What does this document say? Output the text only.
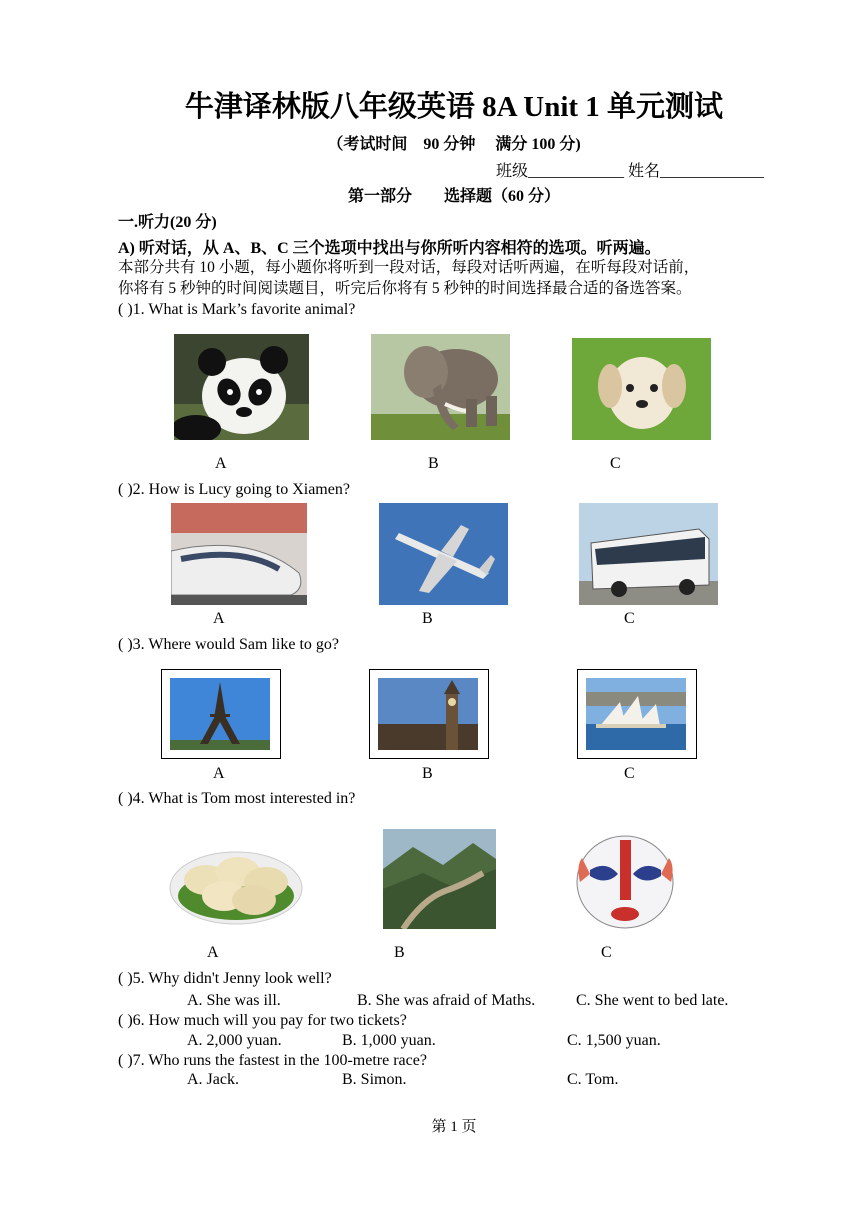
牛津译林版八年级英语 8A Unit 1 单元测试
（考试时间　90 分钟　 满分 100 分)
班级____________ 姓名_____________
第一部分　　选择题（60 分）
一.听力(20 分)
A) 听对话，从 A、B、C 三个选项中找出与你所听内容相符的选项。听两遍。
本部分共有 10 小题，每小题你将听到一段对话，每段对话听两遍，在听每段对话前，
你将有 5 秒钟的时间阅读题目，听完后你将有 5 秒钟的时间选择最合适的备选答案。
( )1. What is Mark’s favorite animal?
A	B	C
( )2. How is Lucy going to Xiamen?
A	B	C
( )3. Where would Sam like to go?
A	B	C
( )4. What is Tom most interested in?
A	B	C
( )5. Why didn't Jenny look well?
A. She was ill.	B. She was afraid of Maths.	C. She went to bed late.
( )6. How much will you pay for two tickets?
A. 2,000 yuan.	B. 1,000 yuan.	C. 1,500 yuan.
( )7. Who runs the fastest in the 100-metre race?
A. Jack.	B. Simon.	C. Tom.
第 1 页
